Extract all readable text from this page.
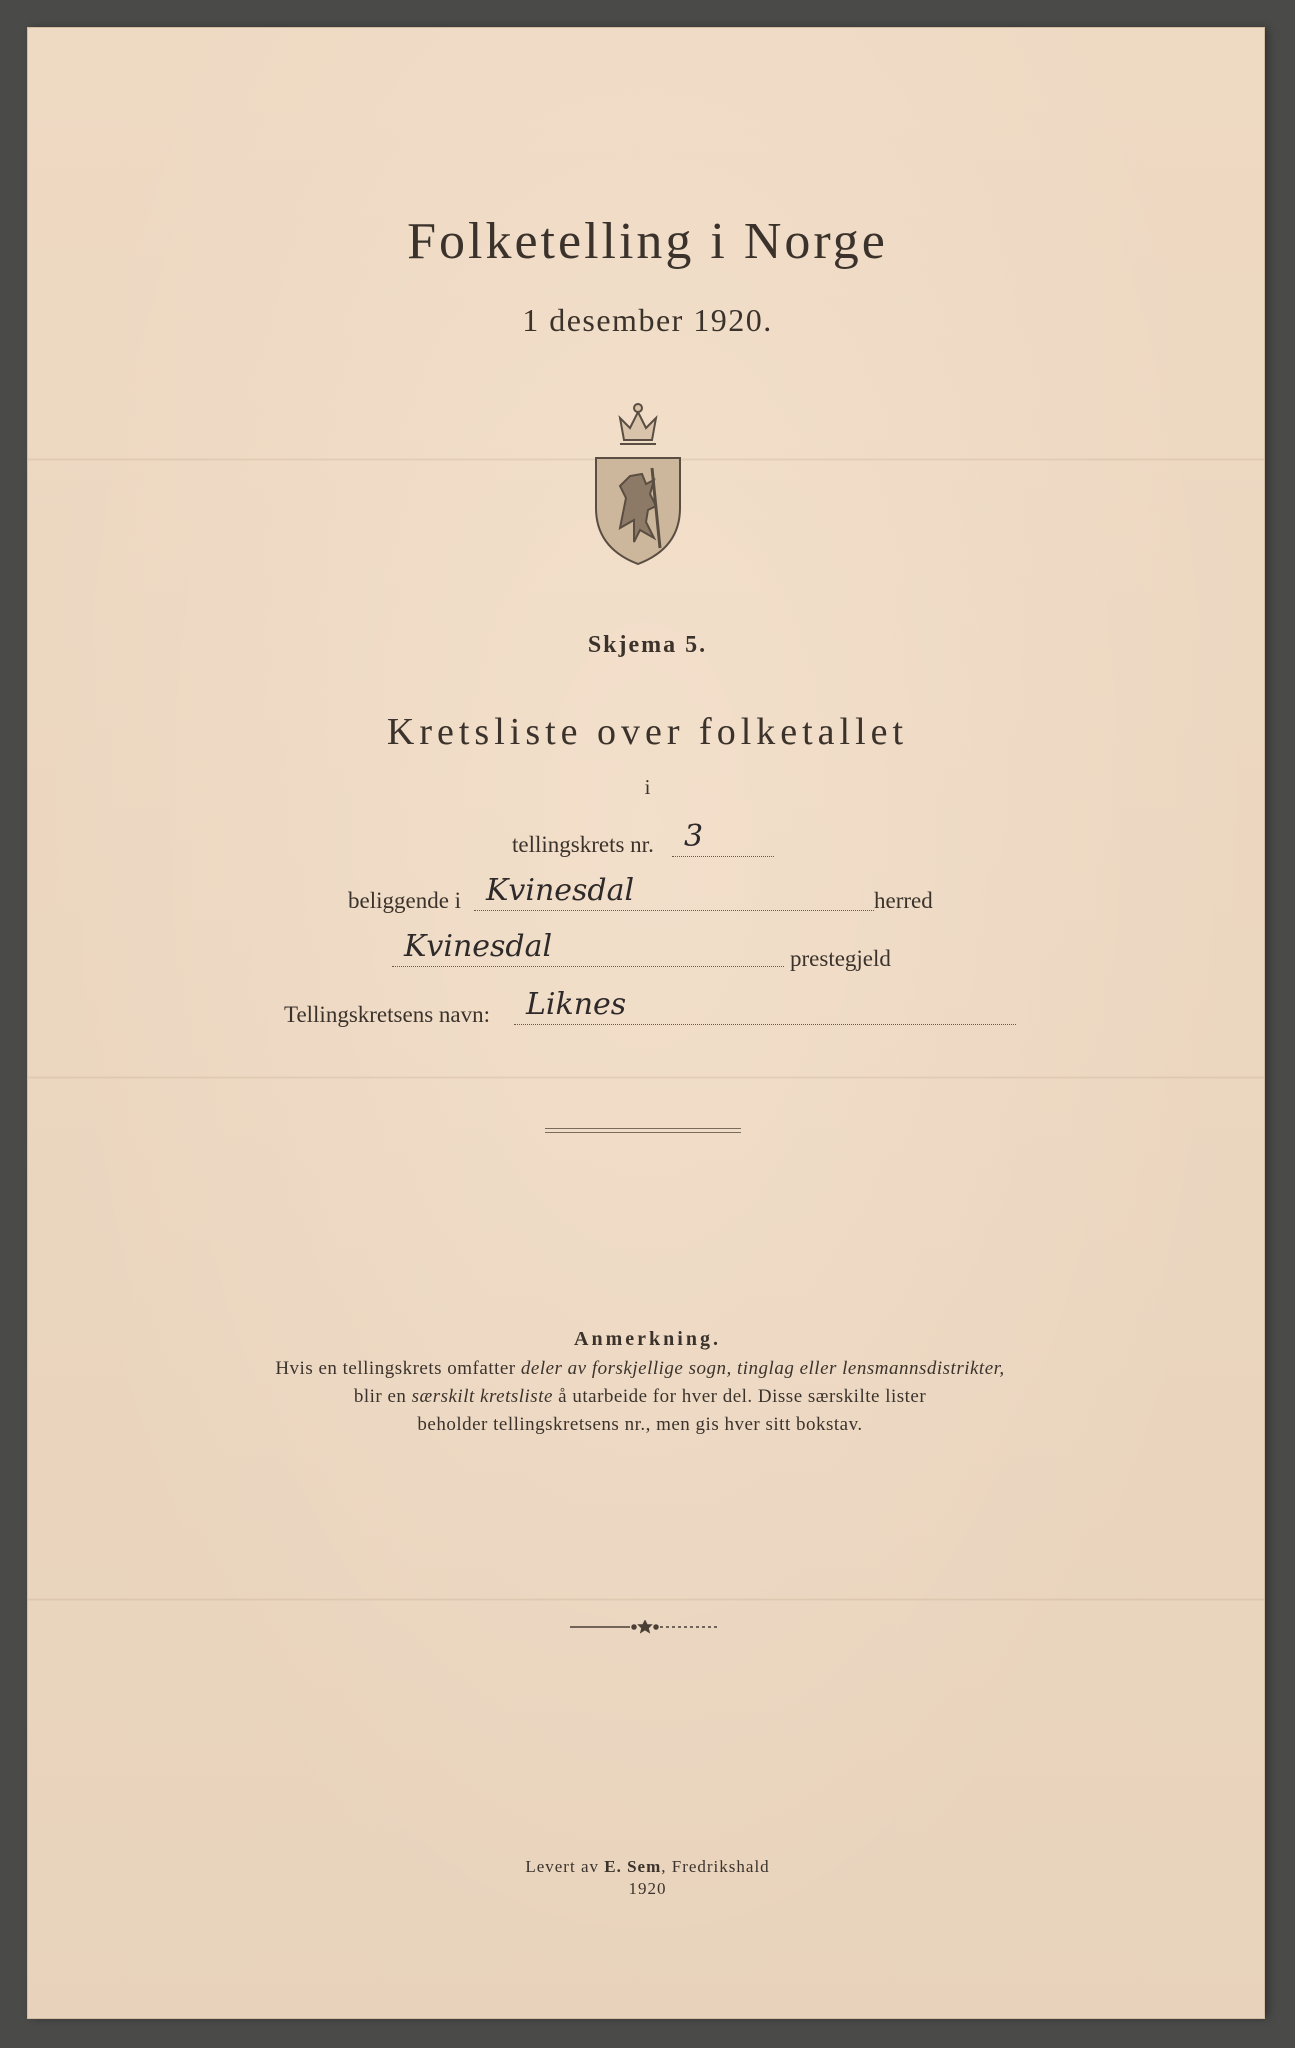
Folketelling i Norge
1 desember 1920.
Skjema 5.
Kretsliste over folketallet
i
tellingskrets nr.	3
beliggende i Kvinesdal	herred
Kvinesdal	prestegjeld
Tellingskretsens navn:	Liknes
Anmerkning.
Hvis en tellingskrets omfatter deler av forskjellige sogn, tinglag eller lensmannsdistrikter,
blir en særskilt kretsliste å utarbeide for hver del. Disse særskilte lister
beholder tellingskretsens nr., men gis hver sitt bokstav.
Levert av E. Sem, Fredrikshald
1920
